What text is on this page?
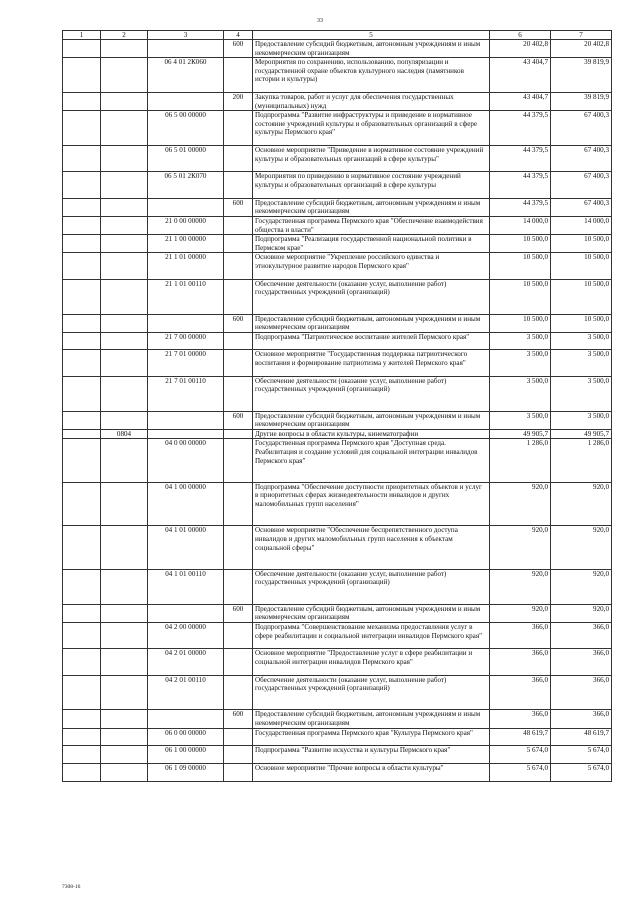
33
1	2	3	4	5	6	7
			600	Предоставление субсидий бюджетным, автономным учреждениям и иным некоммерческим организациям	20 402,8	20 402,8
		06 4 01 2К060		Мероприятия по сохранению, использованию, популяризации и государственной охране объектов культурного наследия (памятников истории и культуры)	43 404,7	39 819,9
			200	Закупка товаров, работ и услуг для обеспечения государственных (муниципальных) нужд	43 404,7	39 819,9
		06 5 00 00000		Подпрограмма "Развитие инфраструктуры и приведение в нормативное состояние учреждений культуры и образовательных организаций в сфере культуры Пермского края"	44 379,5	67 400,3
		06 5 01 00000		Основное мероприятие "Приведение в нормативное состояние учреждений культуры и образовательных организаций в сфере культуры"	44 379,5	67 400,3
		06 5 01 2К070		Мероприятия по приведению в нормативное состояние учреждений культуры и образовательных организаций в сфере культуры	44 379,5	67 400,3
			600	Предоставление субсидий бюджетным, автономным учреждениям и иным некоммерческим организациям	44 379,5	67 400,3
		21 0 00 00000		Государственная программа Пермского края "Обеспечение взаимодействия общества и власти"	14 000,0	14 000,0
		21 1 00 00000		Подпрограмма "Реализация государственной национальной политики в Пермском крае"	10 500,0	10 500,0
		21 1 01 00000		Основное мероприятие "Укрепление российского единства и этнокультурное развитие народов Пермского края"	10 500,0	10 500,0
		21 1 01 00110		Обеспечение деятельности (оказание услуг, выполнение работ) государственных учреждений (организаций)	10 500,0	10 500,0
			600	Предоставление субсидий бюджетным, автономным учреждениям и иным некоммерческим организациям	10 500,0	10 500,0
		21 7 00 00000		Подпрограмма "Патриотическое воспитание жителей Пермского края"	3 500,0	3 500,0
		21 7 01 00000		Основное мероприятие "Государственная поддержка патриотического воспитания и формирование патриотизма у жителей Пермского края"	3 500,0	3 500,0
		21 7 01 00110		Обеспечение деятельности (оказание услуг, выполнение работ) государственных учреждений (организаций)	3 500,0	3 500,0
			600	Предоставление субсидий бюджетным, автономным учреждениям и иным некоммерческим организациям	3 500,0	3 500,0
	0804			Другие вопросы в области культуры, кинематографии	49 905,7	49 905,7
		04 0 00 00000		Государственная программа Пермского края "Доступная среда. Реабилитация и создание условий для социальной интеграции инвалидов Пермского края"	1 286,0	1 286,0
		04 1 00 00000		Подпрограмма "Обеспечение доступности приоритетных объектов и услуг в приоритетных сферах жизнедеятельности инвалидов и других маломобильных групп населения"	920,0	920,0
		04 1 01 00000		Основное мероприятие "Обеспечение беспрепятственного доступа инвалидов и других маломобильных групп населения к объектам социальной сферы"	920,0	920,0
		04 1 01 00110		Обеспечение деятельности (оказание услуг, выполнение работ) государственных учреждений (организаций)	920,0	920,0
			600	Предоставление субсидий бюджетным, автономным учреждениям и иным некоммерческим организациям	920,0	920,0
		04 2 00 00000		Подпрограмма "Совершенствование механизма предоставления услуг в сфере реабилитации и социальной интеграции инвалидов Пермского края"	366,0	366,0
		04 2 01 00000		Основное мероприятие "Предоставление услуг в сфере реабилитации и социальной интеграции инвалидов Пермского края"	366,0	366,0
		04 2 01 00110		Обеспечение деятельности (оказание услуг, выполнение работ) государственных учреждений (организаций)	366,0	366,0
			600	Предоставление субсидий бюджетным, автономным учреждениям и иным некоммерческим организациям	366,0	366,0
		06 0 00 00000		Государственная программа Пермского края "Культура Пермского края"	48 619,7	48 619,7
		06 1 00 00000		Подпрограмма "Развитие искусства и культуры Пермского края"	5 674,0	5 674,0
		06 1 09 00000		Основное мероприятие "Прочие вопросы в области культуры"	5 674,0	5 674,0
7308-16
